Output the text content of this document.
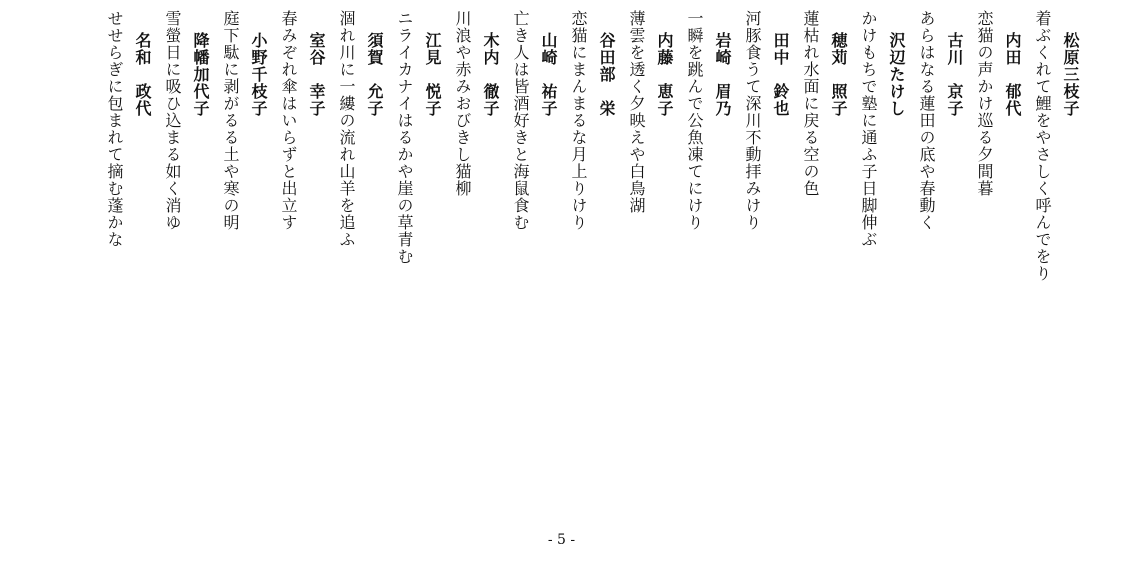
松原三枝子
着ぶくれて鯉をやさしく呼んでをり
内田　郁代
恋猫の声かけ巡る夕間暮
古川　京子
あらはなる蓮田の底や春動く
沢辺たけし
かけもちで塾に通ふ子日脚伸ぶ
穂苅　照子
蓮枯れ水面に戻る空の色
田中　鈴也
河豚食うて深川不動拝みけり
岩崎　眉乃
一瞬を跳んで公魚凍てにけり
内藤　恵子
薄雲を透く夕映えや白鳥湖
谷田部　栄
恋猫にまんまるな月上りけり
山崎　祐子
亡き人は皆酒好きと海鼠食む
木内　徹子
川浪や赤みおびきし猫柳
江見　悦子
ニライカナイはるかや崖の草青む
須賀　允子
涸れ川に一縷の流れ山羊を追ふ
室谷　幸子
春みぞれ傘はいらずと出立す
小野千枝子
庭下駄に剥がるる土や寒の明
降幡加代子
雪螢日に吸ひ込まる如く消ゆ
名和　政代
せせらぎに包まれて摘む蓬かな
- 5 -
